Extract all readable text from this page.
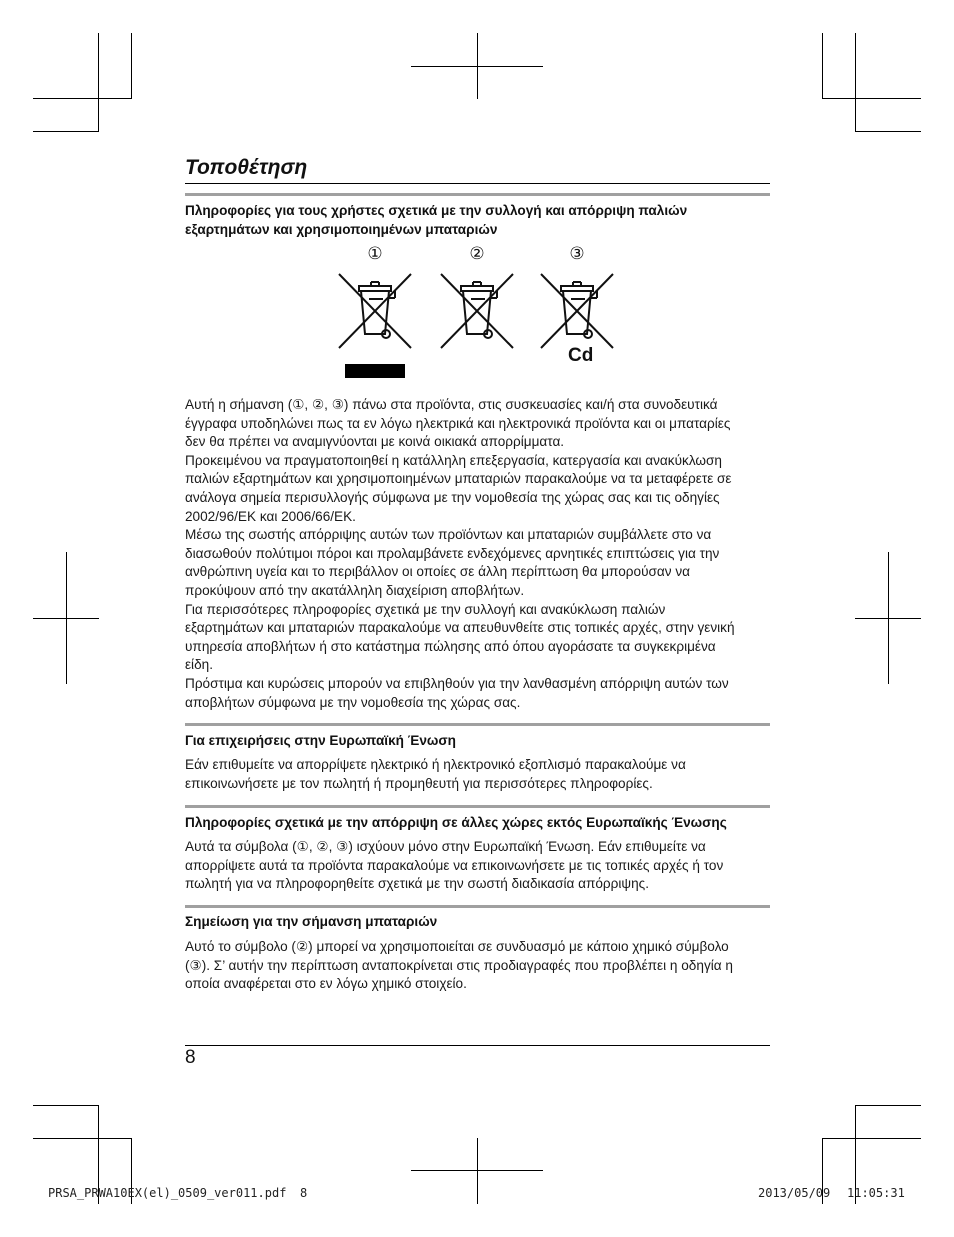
Τοποθέτηση
Πληροφορίες για τους χρήστες σχετικά με την συλλογή και απόρριψη παλιών
εξαρτημάτων και χρησιμοποιημένων μπαταριών
①	②	③
Cd
Αυτή η σήμανση (①, ②, ③) πάνω στα προϊόντα, στις συσκευασίες και/ή στα συνοδευτικά
έγγραφα υποδηλώνει πως τα εν λόγω ηλεκτρικά και ηλεκτρονικά προϊόντα και οι μπαταρίες
δεν θα πρέπει να αναμιγνύονται με κοινά οικιακά απορρίμματα.
Προκειμένου να πραγματοποιηθεί η κατάλληλη επεξεργασία, κατεργασία και ανακύκλωση
παλιών εξαρτημάτων και χρησιμοποιημένων μπαταριών παρακαλούμε να τα μεταφέρετε σε
ανάλογα σημεία περισυλλογής σύμφωνα με την νομοθεσία της χώρας σας και τις οδηγίες
2002/96/ΕΚ και 2006/66/ΕΚ.
Μέσω της σωστής απόρριψης αυτών των προϊόντων και μπαταριών συμβάλλετε στο να
διασωθούν πολύτιμοι πόροι και προλαμβάνετε ενδεχόμενες αρνητικές επιπτώσεις για την
ανθρώπινη υγεία και το περιβάλλον οι οποίες σε άλλη περίπτωση θα μπορούσαν να
προκύψουν από την ακατάλληλη διαχείριση αποβλήτων.
Για περισσότερες πληροφορίες σχετικά με την συλλογή και ανακύκλωση παλιών
εξαρτημάτων και μπαταριών παρακαλούμε να απευθυνθείτε στις τοπικές αρχές, στην γενική
υπηρεσία αποβλήτων ή στο κατάστημα πώλησης από όπου αγοράσατε τα συγκεκριμένα
είδη.
Πρόστιμα και κυρώσεις μπορούν να επιβληθούν για την λανθασμένη απόρριψη αυτών των
αποβλήτων σύμφωνα με την νομοθεσία της χώρας σας.
Για επιχειρήσεις στην Ευρωπαϊκή Ένωση
Εάν επιθυμείτε να απορρίψετε ηλεκτρικό ή ηλεκτρονικό εξοπλισμό παρακαλούμε να
επικοινωνήσετε με τον πωλητή ή προμηθευτή για περισσότερες πληροφορίες.
Πληροφορίες σχετικά με την απόρριψη σε άλλες χώρες εκτός Ευρωπαϊκής Ένωσης
Αυτά τα σύμβολα (①, ②, ③) ισχύουν μόνο στην Ευρωπαϊκή Ένωση. Εάν επιθυμείτε να
απορρίψετε αυτά τα προϊόντα παρακαλούμε να επικοινωνήσετε με τις τοπικές αρχές ή τον
πωλητή για να πληροφορηθείτε σχετικά με την σωστή διαδικασία απόρριψης.
Σημείωση για την σήμανση μπαταριών
Αυτό το σύμβολο (②) μπορεί να χρησιμοποιείται σε συνδυασμό με κάποιο χημικό σύμβολο
(③). Σ’ αυτήν την περίπτωση ανταποκρίνεται στις προδιαγραφές που προβλέπει η οδηγία η
οποία αναφέρεται στο εν λόγω χημικό στοιχείο.
8
PRSA_PRWA10EX(el)_0509_ver011.pdf 8	2013/05/09 11:05:31
